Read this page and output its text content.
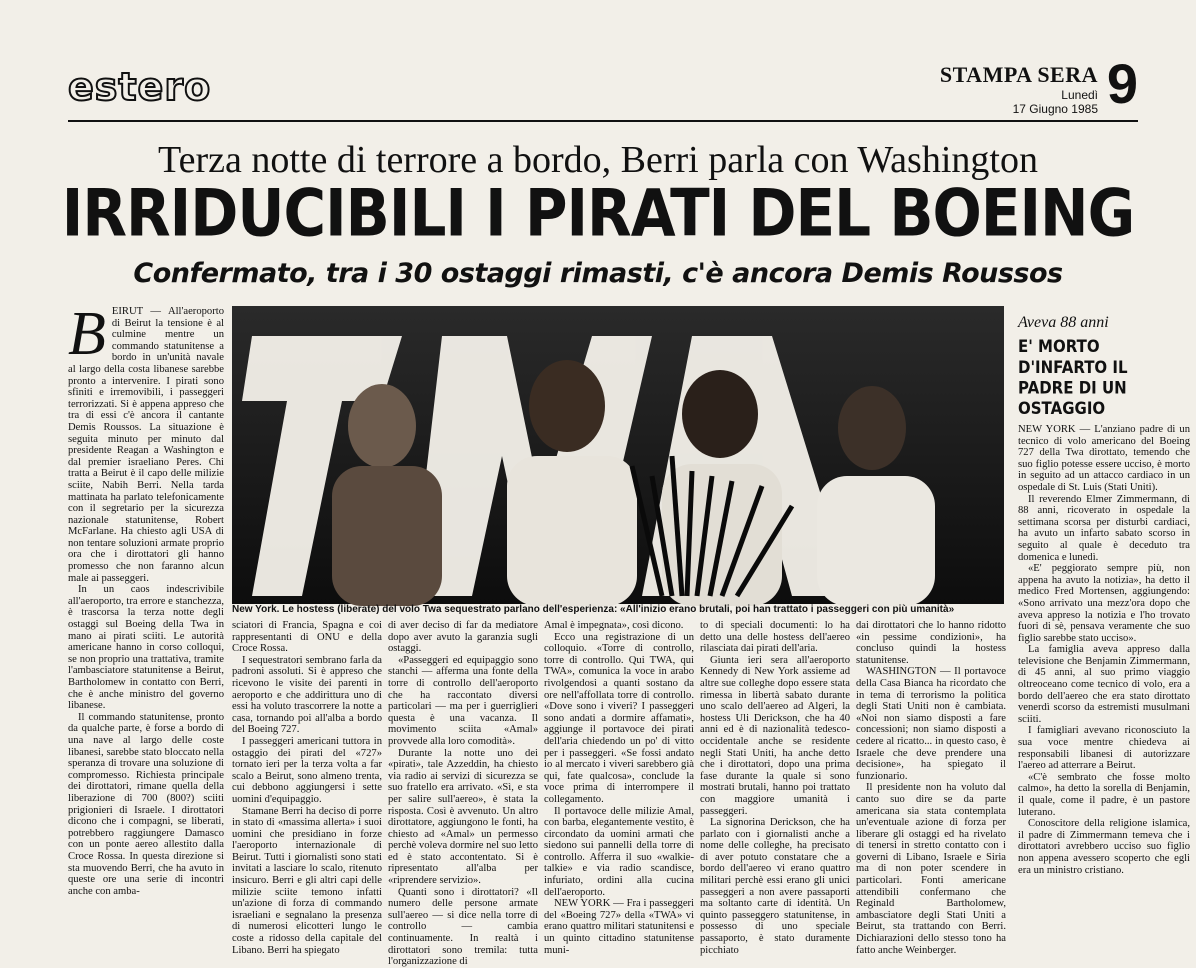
estero	STAMPA SERA
Lunedì
17 Giugno 1985 9
Terza notte di terrore a bordo, Berri parla con Washington
IRRIDUCIBILI I PIRATI DEL BOEING
Confermato, tra i 30 ostaggi rimasti, c'è ancora Demis Roussos
New York. Le hostess (liberate) del volo Twa sequestrato parlano dell'esperienza: «All'inizio erano brutali, poi han trattato i passeggeri con più umanità»
B EIRUT — All'aeroporto di Beirut la tensione è al culmine mentre un commando statunitense a bordo in un'unità navale al largo della costa libanese sarebbe pronto a intervenire. I pirati sono sfiniti e irremovibili, i passeggeri terrorizzati. Si è appena appreso che tra di essi c'è ancora il cantante Demis Roussos. La situazione è seguita minuto per minuto dal presidente Reagan a Washington e dal premier israeliano Peres. Chi tratta a Beirut è il capo delle milizie sciite, Nabih Berri. Nella tarda mattinata ha parlato telefonicamente con il segretario per la sicurezza nazionale statunitense, Robert McFarlane. Ha chiesto agli USA di non tentare soluzioni armate proprio ora che i dirottatori gli hanno promesso che non faranno alcun male ai passeggeri.

In un caos indescrivibile all'aeroporto, tra errore e stanchezza, è trascorsa la terza notte degli ostaggi sul Boeing della Twa in mano ai pirati sciiti. Le autorità americane hanno in corso colloqui, se non proprio una trattativa, tramite l'ambasciatore statunitense a Beirut, Bartholomew in contatto con Berri, che è anche ministro del governo libanese.

Il commando statunitense, pronto da qualche parte, è forse a bordo di una nave al largo delle coste libanesi, sarebbe stato bloccato nella speranza di trovare una soluzione di compromesso. Richiesta principale dei dirottatori, rimane quella della liberazione di 700 (800?) sciiti prigionieri di Israele. I dirottatori dicono che i compagni, se liberati, potrebbero raggiungere Damasco con un ponte aereo allestito dalla Croce Rossa. In questa direzione si sta muovendo Berri, che ha avuto in queste ore una serie di incontri anche con amba-

sciatori di Francia, Spagna e coi rappresentanti di ONU e della Croce Rossa.

I sequestratori sembrano farla da padroni assoluti. Si è appreso che ricevono le visite dei parenti in aeroporto e che addirittura uno di essi ha voluto trascorrere la notte a casa, tornando poi all'alba a bordo del Boeing 727.

I passeggeri americani tuttora in ostaggio dei pirati del «727» tornato ieri per la terza volta a far scalo a Beirut, sono almeno trenta, cui debbono aggiungersi i sette uomini d'equipaggio.

Stamane Berri ha deciso di porre in stato di «massima allerta» i suoi uomini che presidiano in forze l'aeroporto internazionale di Beirut. Tutti i giornalisti sono stati invitati a lasciare lo scalo, ritenuto insicuro. Berri e gli altri capi delle milizie sciite temono infatti un'azione di forza di commando israeliani e segnalano la presenza di numerosi elicotteri lungo le coste a ridosso della capitale del Libano. Berri ha spiegato

di aver deciso di far da mediatore dopo aver avuto la garanzia sugli ostaggi.

«Passeggeri ed equipaggio sono stanchi — afferma una fonte della torre di controllo dell'aeroporto che ha raccontato diversi particolari — ma per i guerriglieri questa è una vacanza. Il movimento sciita «Amal» provvede alla loro comodità».

Durante la notte uno dei «pirati», tale Azzeddin, ha chiesto via radio ai servizi di sicurezza se suo fratello era arrivato. «Sì, e sta per salire sull'aereo», è stata la risposta. Così è avvenuto. Un altro dirottatore, aggiungono le fonti, ha chiesto ad «Amal» un permesso perchè voleva dormire nel suo letto ed è stato accontentato. Si è ripresentato all'alba per «riprendere servizio».

Quanti sono i dirottatori? «Il numero delle persone armate sull'aereo — si dice nella torre di controllo — cambia continuamente. In realtà i dirottatori sono tremila: tutta l'organizzazione di

Amal è impegnata», così dicono.

Ecco una registrazione di un colloquio. «Torre di controllo, torre di controllo. Qui TWA, qui TWA», comunica la voce in arabo rivolgendosi a quanti sostano da ore nell'affollata torre di controllo. «Dove sono i viveri? I passeggeri sono andati a dormire affamati», aggiunge il portavoce dei pirati dell'aria chiedendo un po' di vitto per i passeggeri. «Se fossi andato io al mercato i viveri sarebbero già qui, fate qualcosa», conclude la voce prima di interrompere il collegamento.

Il portavoce delle milizie Amal, con barba, elegantemente vestito, è circondato da uomini armati che siedono sui pannelli della torre di controllo. Afferra il suo «walkie-talkie» e via radio scandisce, infuriato, ordini alla cucina dell'aeroporto.

NEW YORK — Fra i passeggeri del «Boeing 727» della «TWA» vi erano quattro militari statunitensi e un quinto cittadino statunitense muni-

to di speciali documenti: lo ha detto una delle hostess dell'aereo rilasciata dai pirati dell'aria.

Giunta ieri sera all'aeroporto Kennedy di New York assieme ad altre sue colleghe dopo essere stata rimessa in libertà sabato durante uno scalo dell'aereo ad Algeri, la hostess Uli Derickson, che ha 40 anni ed è di nazionalità tedesco-occidentale anche se residente negli Stati Uniti, ha anche detto che i dirottatori, dopo una prima fase durante la quale si sono mostrati brutali, hanno poi trattato con maggiore umanità i passeggeri.

La signorina Derickson, che ha parlato con i giornalisti anche a nome delle colleghe, ha precisato di aver potuto constatare che a bordo dell'aereo vi erano quattro militari perchè essi erano gli unici passeggeri a non avere passaporti ma soltanto carte di identità. Un quinto passeggero statunitense, in possesso di uno speciale passaporto, è stato duramente picchiato

dai dirottatori che lo hanno ridotto «in pessime condizioni», ha concluso quindi la hostess statunitense.

WASHINGTON — Il portavoce della Casa Bianca ha ricordato che in tema di terrorismo la politica degli Stati Uniti non è cambiata. «Noi non siamo disposti a fare concessioni; non siamo disposti a cedere al ricatto... in questo caso, è Israele che deve prendere una decisione», ha spiegato il funzionario.

Il presidente non ha voluto dal canto suo dire se da parte americana sia stata contemplata un'eventuale azione di forza per liberare gli ostaggi ed ha rivelato di tenersi in stretto contatto con i governi di Libano, Israele e Siria ma di non poter scendere in particolari. Fonti americane attendibili confermano che Reginald Bartholomew, ambasciatore degli Stati Uniti a Beirut, sta trattando con Berri. Dichiarazioni dello stesso tono ha fatto anche Weinberger.

Aveva 88 anni
E' MORTO D'INFARTO IL PADRE DI UN OSTAGGIO

NEW YORK — L'anziano padre di un tecnico di volo americano del Boeing 727 della Twa dirottato, temendo che suo figlio potesse essere ucciso, è morto in seguito ad un attacco cardiaco in un ospedale di St. Luis (Stati Uniti).

Il reverendo Elmer Zimmermann, di 88 anni, ricoverato in ospedale la settimana scorsa per disturbi cardiaci, ha avuto un infarto sabato scorso in seguito al quale è deceduto tra domenica e lunedì.

«E' peggiorato sempre più, non appena ha avuto la notizia», ha detto il medico Fred Mortensen, aggiungendo: «Sono arrivato una mezz'ora dopo che aveva appreso la notizia e l'ho trovato fuori di sè, pensava veramente che suo figlio sarebbe stato ucciso».

La famiglia aveva appreso dalla televisione che Benjamin Zimmermann, di 45 anni, al suo primo viaggio oltreoceano come tecnico di volo, era a bordo dell'aereo che era stato dirottato venerdì scorso da estremisti musulmani sciiti.

I famigliari avevano riconosciuto la sua voce mentre chiedeva ai responsabili libanesi di autorizzare l'aereo ad atterrare a Beirut.

«C'è sembrato che fosse molto calmo», ha detto la sorella di Benjamin, il quale, come il padre, è un pastore luterano.

Conoscitore della religione islamica, il padre di Zimmermann temeva che i dirottatori avrebbero ucciso suo figlio non appena avessero scoperto che egli era un ministro cristiano.
